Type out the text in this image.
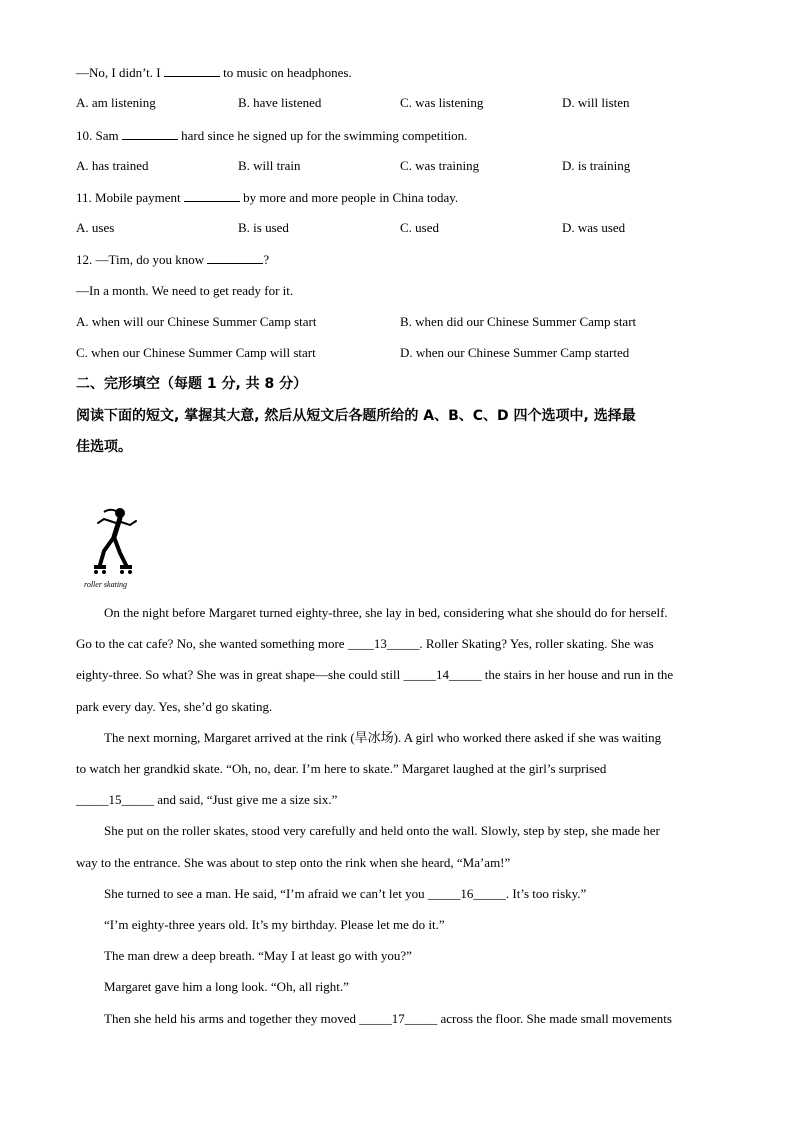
—No, I didn’t. I	to music on headphones.
A. am listening	B. have listened	C. was listening	D. will listen
10. Sam	hard since he signed up for the swimming competition.
A. has trained	B. will train	C. was training	D. is training
11. Mobile payment	by more and more people in China today.
A. uses	B. is used	C. used	D. was used
12. —Tim, do you know	?
—In a month. We need to get ready for it.
A. when will our Chinese Summer Camp start	B. when did our Chinese Summer Camp start
C. when our Chinese Summer Camp will start	D. when our Chinese Summer Camp started
二、完形填空（每题 1 分, 共 8 分）
阅读下面的短文, 掌握其大意, 然后从短文后各题所给的 A、B、C、D 四个选项中, 选择最
佳选项。
roller skating
On the night before Margaret turned eighty-three, she lay in bed, considering what she should do for herself.
Go to the cat cafe? No, she wanted something more ____13_____. Roller Skating? Yes, roller skating. She was
eighty-three. So what? She was in great shape—she could still _____14_____ the stairs in her house and run in the
park every day. Yes, she’d go skating.
The next morning, Margaret arrived at the rink (旱冰场). A girl who worked there asked if she was waiting
to watch her grandkid skate. “Oh, no, dear. I’m here to skate.” Margaret laughed at the girl’s surprised
_____15_____ and said, “Just give me a size six.”
She put on the roller skates, stood very carefully and held onto the wall. Slowly, step by step, she made her
way to the entrance. She was about to step onto the rink when she heard, “Ma’am!”
She turned to see a man. He said, “I’m afraid we can’t let you _____16_____. It’s too risky.”
“I’m eighty-three years old. It’s my birthday. Please let me do it.”
The man drew a deep breath. “May I at least go with you?”
Margaret gave him a long look. “Oh, all right.”
Then she held his arms and together they moved _____17_____ across the floor. She made small movements
